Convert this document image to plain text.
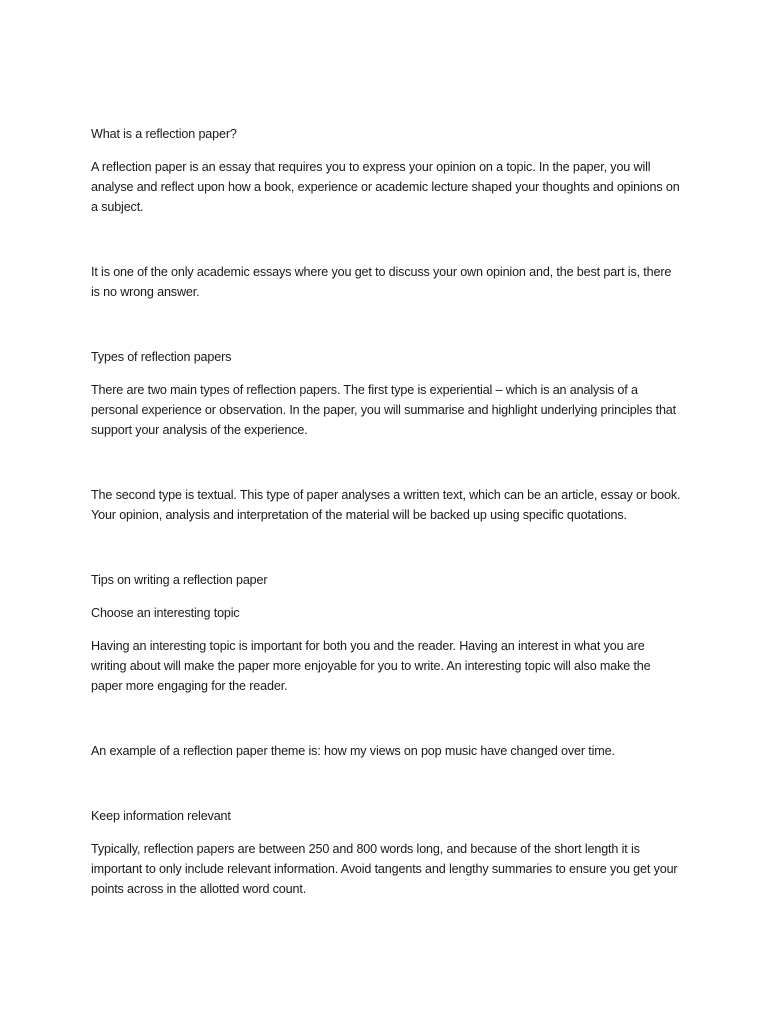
What is a reflection paper?

A reflection paper is an essay that requires you to express your opinion on a topic. In the paper, you will analyse and reflect upon how a book, experience or academic lecture shaped your thoughts and opinions on a subject.

It is one of the only academic essays where you get to discuss your own opinion and, the best part is, there is no wrong answer.

Types of reflection papers

There are two main types of reflection papers. The first type is experiential – which is an analysis of a personal experience or observation. In the paper, you will summarise and highlight underlying principles that support your analysis of the experience.

The second type is textual. This type of paper analyses a written text, which can be an article, essay or book. Your opinion, analysis and interpretation of the material will be backed up using specific quotations.

Tips on writing a reflection paper

Choose an interesting topic

Having an interesting topic is important for both you and the reader. Having an interest in what you are writing about will make the paper more enjoyable for you to write. An interesting topic will also make the paper more engaging for the reader.

An example of a reflection paper theme is: how my views on pop music have changed over time.

Keep information relevant

Typically, reflection papers are between 250 and 800 words long, and because of the short length it is important to only include relevant information. Avoid tangents and lengthy summaries to ensure you get your points across in the allotted word count.
